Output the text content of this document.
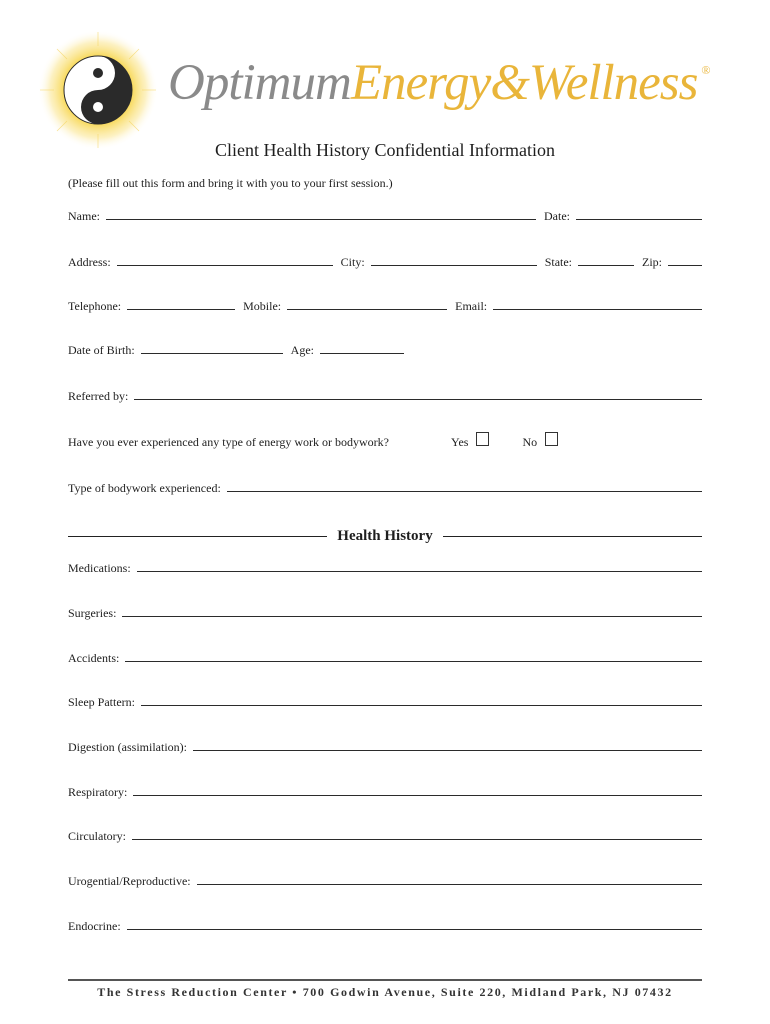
OptimumEnergy&Wellness ®
Client Health History Confidential Information
(Please fill out this form and bring it with you to your first session.)
Name:	Date:
Address:	City:	State:	Zip:
Telephone:	Mobile:	Email:
Date of Birth:	Age:
Referred by:
Have you ever experienced any type of energy work or bodywork?	Yes	No
Type of bodywork experienced:
Health History
Medications:
Surgeries:
Accidents:
Sleep Pattern:
Digestion (assimilation):
Respiratory:
Circulatory:
Urogential/Reproductive:
Endocrine:
The Stress Reduction Center • 700 Godwin Avenue, Suite 220, Midland Park, NJ 07432
